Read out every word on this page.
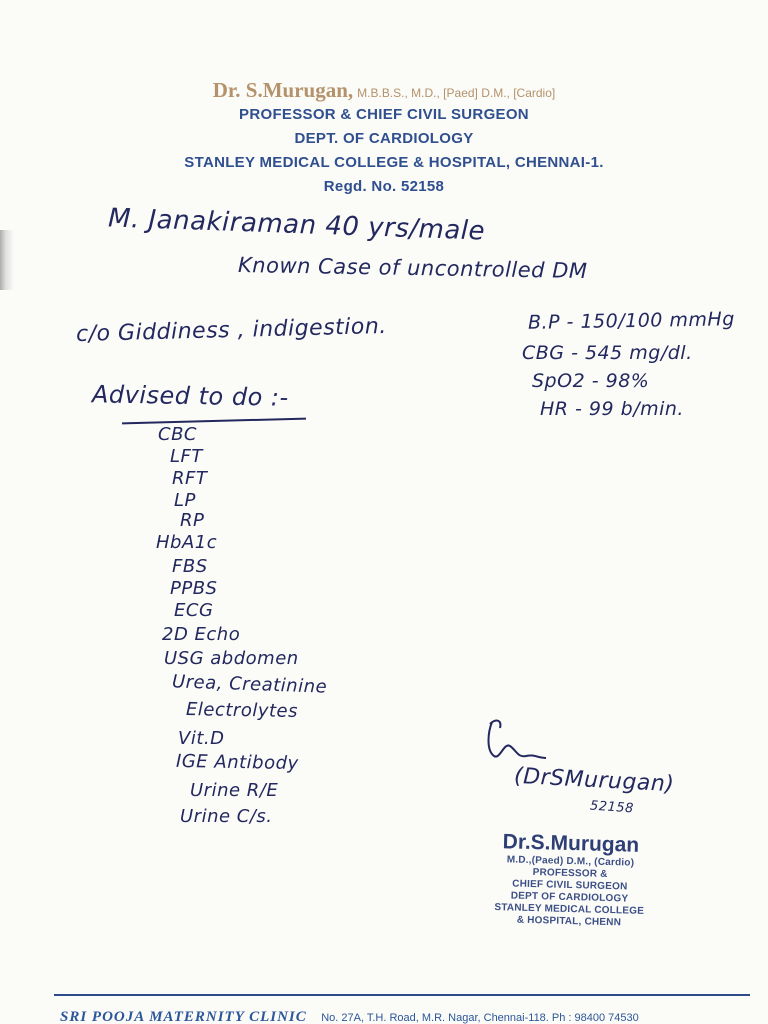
Dr. S.Murugan, M.B.B.S., M.D., [Paed] D.M., [Cardio]
PROFESSOR & CHIEF CIVIL SURGEON
DEPT. OF CARDIOLOGY
STANLEY MEDICAL COLLEGE & HOSPITAL, CHENNAI-1.
Regd. No. 52158
M. Janakiraman 40 yrs/male
Known Case of uncontrolled DM
c/o Giddiness , indigestion.	B.P - 150/100 mmHg
CBG - 545 mg/dl.
SpO2 - 98%
HR - 99 b/min.
Advised to do :-
CBC
LFT
RFT
LP
RP
HbA1c
FBS
PPBS
ECG
2D Echo
USG abdomen
Urea, Creatinine
Electrolytes
Vit.D
IGE Antibody
Urine R/E
Urine C/s.
(DrSMurugan)
52158
Dr.S.Murugan
M.D.,(Paed) D.M., (Cardio)
PROFESSOR &
CHIEF CIVIL SURGEON
DEPT OF CARDIOLOGY
STANLEY MEDICAL COLLEGE
& HOSPITAL, CHENN
SRI POOJA MATERNITY CLINIC No. 27A, T.H. Road, M.R. Nagar, Chennai-118. Ph : 98400 74530
